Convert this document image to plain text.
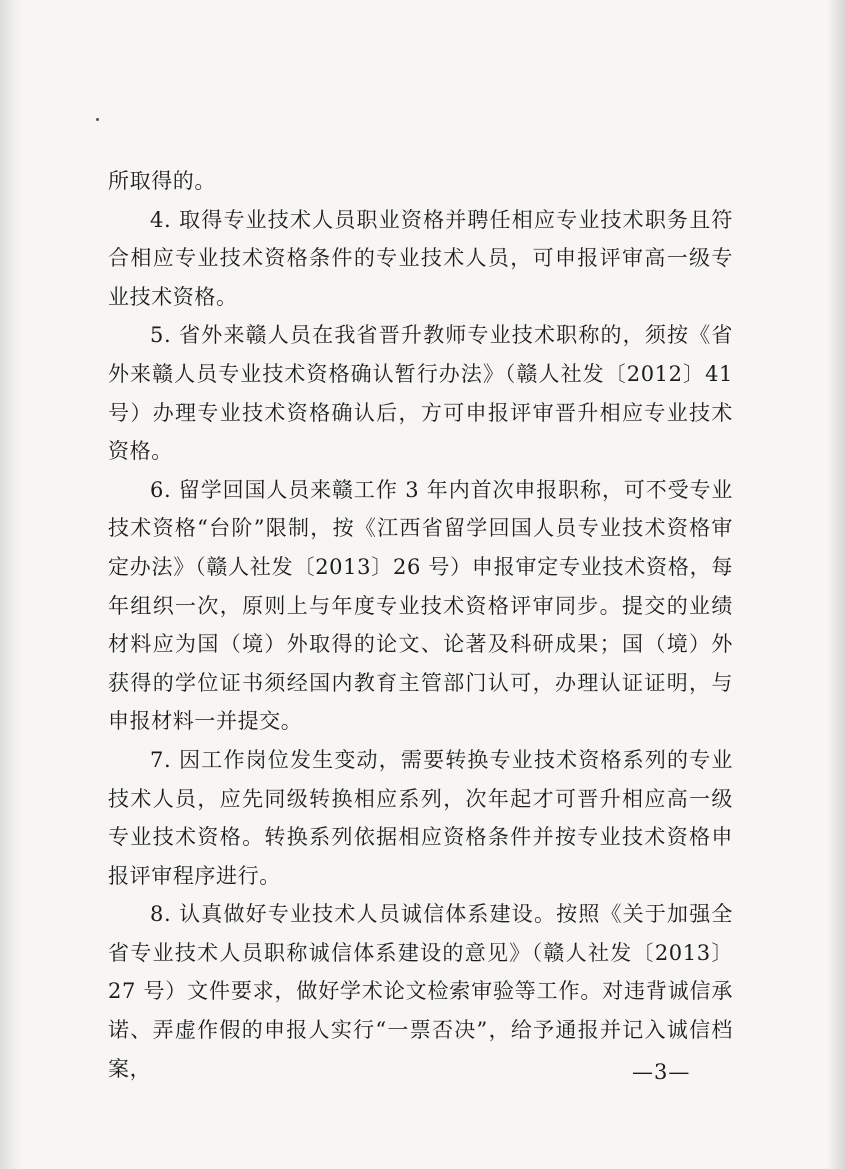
所取得的。

4. 取得专业技术人员职业资格并聘任相应专业技术职务且符合相应专业技术资格条件的专业技术人员，可申报评审高一级专业技术资格。

5. 省外来赣人员在我省晋升教师专业技术职称的，须按《省外来赣人员专业技术资格确认暂行办法》（赣人社发〔2012〕41 号）办理专业技术资格确认后，方可申报评审晋升相应专业技术资格。

6. 留学回国人员来赣工作 3 年内首次申报职称，可不受专业技术资格“台阶”限制，按《江西省留学回国人员专业技术资格审定办法》（赣人社发〔2013〕26 号）申报审定专业技术资格，每年组织一次，原则上与年度专业技术资格评审同步。提交的业绩材料应为国（境）外取得的论文、论著及科研成果；国（境）外获得的学位证书须经国内教育主管部门认可，办理认证证明，与申报材料一并提交。

7. 因工作岗位发生变动，需要转换专业技术资格系列的专业技术人员，应先同级转换相应系列，次年起才可晋升相应高一级专业技术资格。转换系列依据相应资格条件并按专业技术资格申报评审程序进行。

8. 认真做好专业技术人员诚信体系建设。按照《关于加强全省专业技术人员职称诚信体系建设的意见》（赣人社发〔2013〕27 号）文件要求，做好学术论文检索审验等工作。对违背诚信承诺、弄虚作假的申报人实行“一票否决”，给予通报并记入诚信档案，	—3—
